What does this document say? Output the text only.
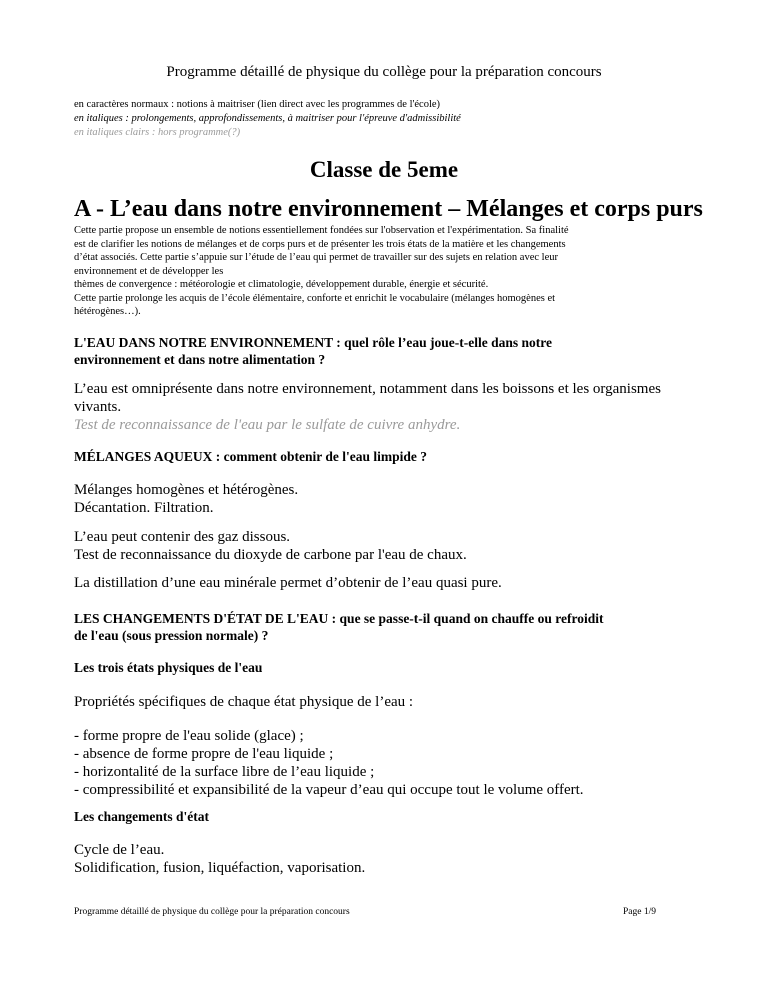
Programme détaillé de physique du collège pour la préparation concours

en caractères normaux : notions à maitriser (lien direct avec les programmes de l'école)

en italiques : prolongements, approfondissements, à maitriser pour l'épreuve d'admissibilité

en italiques clairs : hors programme(?)

Classe de 5eme
A - L’eau dans notre environnement – Mélanges et corps purs

Cette partie propose un ensemble de notions essentiellement fondées sur l'observation et l'expérimentation. Sa finalité

est de clarifier les notions de mélanges et de corps purs et de présenter les trois états de la matière et les changements

d’état associés. Cette partie s’appuie sur l’étude de l’eau qui permet de travailler sur des sujets en relation avec leur

environnement et de développer les

thèmes de convergence : météorologie et climatologie, développement durable, énergie et sécurité.

Cette partie prolonge les acquis de l’école élémentaire, conforte et enrichit le vocabulaire (mélanges homogènes et

hétérogènes…).

L'EAU DANS NOTRE ENVIRONNEMENT : quel rôle l’eau joue-t-elle dans notre

environnement et dans notre alimentation ?

L’eau est omniprésente dans notre environnement, notamment dans les boissons et les organismes

vivants.

Test de reconnaissance de l'eau par le sulfate de cuivre anhydre.

MÉLANGES AQUEUX : comment obtenir de l'eau limpide ?

Mélanges homogènes et hétérogènes.

Décantation. Filtration.

L’eau peut contenir des gaz dissous.

Test de reconnaissance du dioxyde de carbone par l'eau de chaux.

La distillation d’une eau minérale permet d’obtenir de l’eau quasi pure.

LES CHANGEMENTS D'ÉTAT DE L'EAU : que se passe-t-il quand on chauffe ou refroidit

de l'eau (sous pression normale) ?

Les trois états physiques de l'eau
Propriétés spécifiques de chaque état physique de l’eau :

- forme propre de l'eau solide (glace) ;

- absence de forme propre de l'eau liquide ;

- horizontalité de la surface libre de l’eau liquide ;

- compressibilité et expansibilité de la vapeur d’eau qui occupe tout le volume offert.

Les changements d'état

Cycle de l’eau.

Solidification, fusion, liquéfaction, vaporisation.

Programme détaillé de physique du collège pour la préparation concours	Page 1/9
